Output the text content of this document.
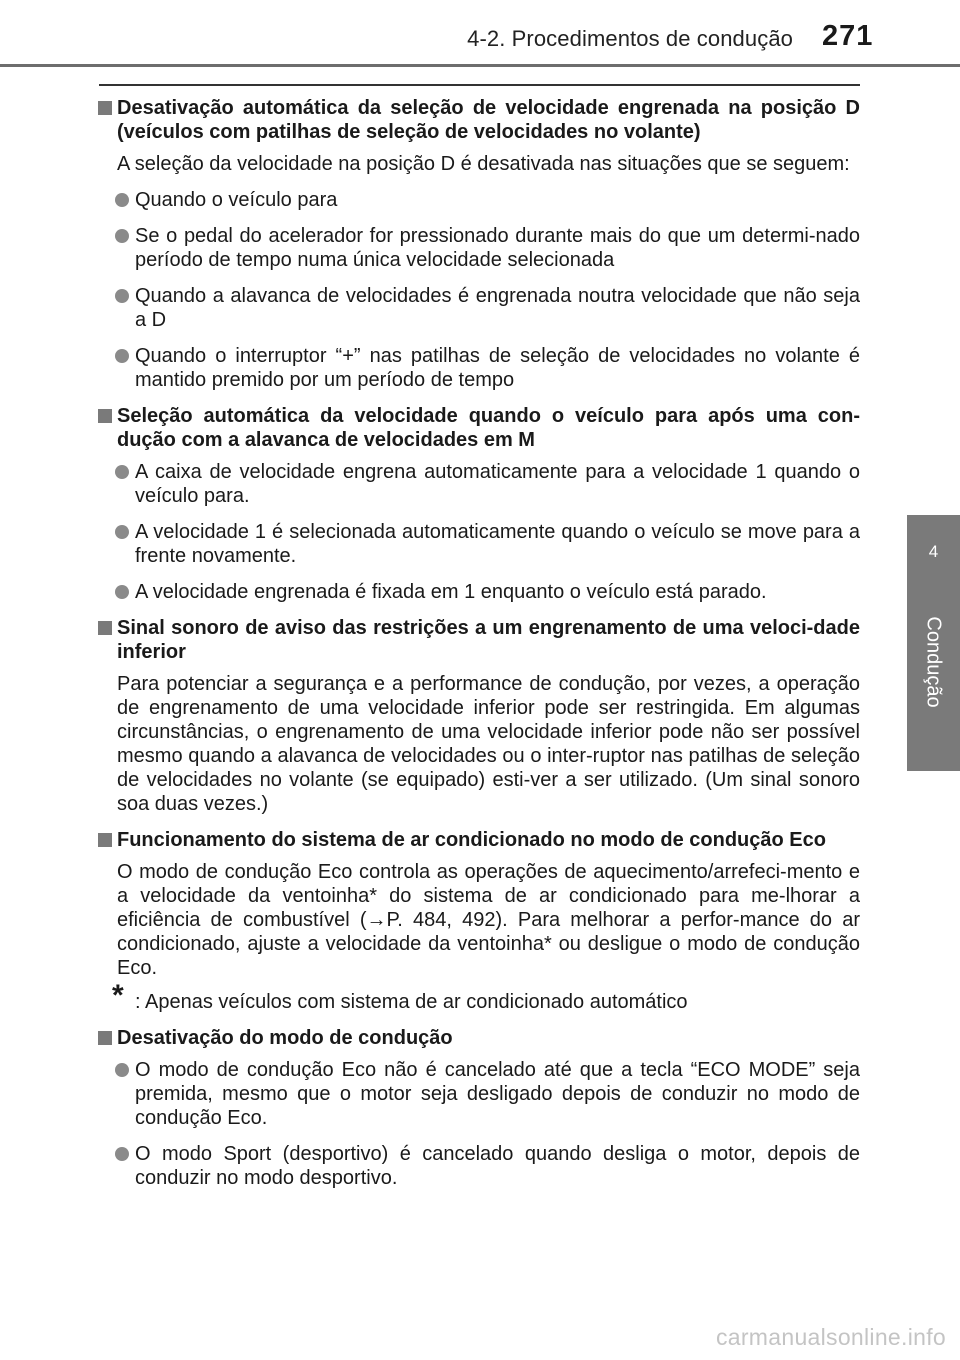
4-2. Procedimentos de condução 271
4
Condução
Desativação automática da seleção de velocidade engrenada na posição D (veículos com patilhas de seleção de velocidades no volante)
A seleção da velocidade na posição D é desativada nas situações que se seguem:
Quando o veículo para
Se o pedal do acelerador for pressionado durante mais do que um determi-nado período de tempo numa única velocidade selecionada
Quando a alavanca de velocidades é engrenada noutra velocidade que não seja a D
Quando o interruptor “+” nas patilhas de seleção de velocidades no volante é mantido premido por um período de tempo
Seleção automática da velocidade quando o veículo para após uma con-dução com a alavanca de velocidades em M
A caixa de velocidade engrena automaticamente para a velocidade 1 quando o veículo para.
A velocidade 1 é selecionada automaticamente quando o veículo se move para a frente novamente.
A velocidade engrenada é fixada em 1 enquanto o veículo está parado.
Sinal sonoro de aviso das restrições a um engrenamento de uma veloci-dade inferior
Para potenciar a segurança e a performance de condução, por vezes, a operação de engrenamento de uma velocidade inferior pode ser restringida. Em algumas circunstâncias, o engrenamento de uma velocidade inferior pode não ser possível mesmo quando a alavanca de velocidades ou o inter-ruptor nas patilhas de seleção de velocidades no volante (se equipado) esti-ver a ser utilizado. (Um sinal sonoro soa duas vezes.)
Funcionamento do sistema de ar condicionado no modo de condução Eco
O modo de condução Eco controla as operações de aquecimento/arrefeci-mento e a velocidade da ventoinha* do sistema de ar condicionado para me-lhorar a eficiência de combustível (→P. 484, 492). Para melhorar a perfor-mance do ar condicionado, ajuste a velocidade da ventoinha* ou desligue o modo de condução Eco.
* : Apenas veículos com sistema de ar condicionado automático
Desativação do modo de condução
O modo de condução Eco não é cancelado até que a tecla “ECO MODE” seja premida, mesmo que o motor seja desligado depois de conduzir no modo de condução Eco.
O modo Sport (desportivo) é cancelado quando desliga o motor, depois de conduzir no modo desportivo.
carmanualsonline.info
